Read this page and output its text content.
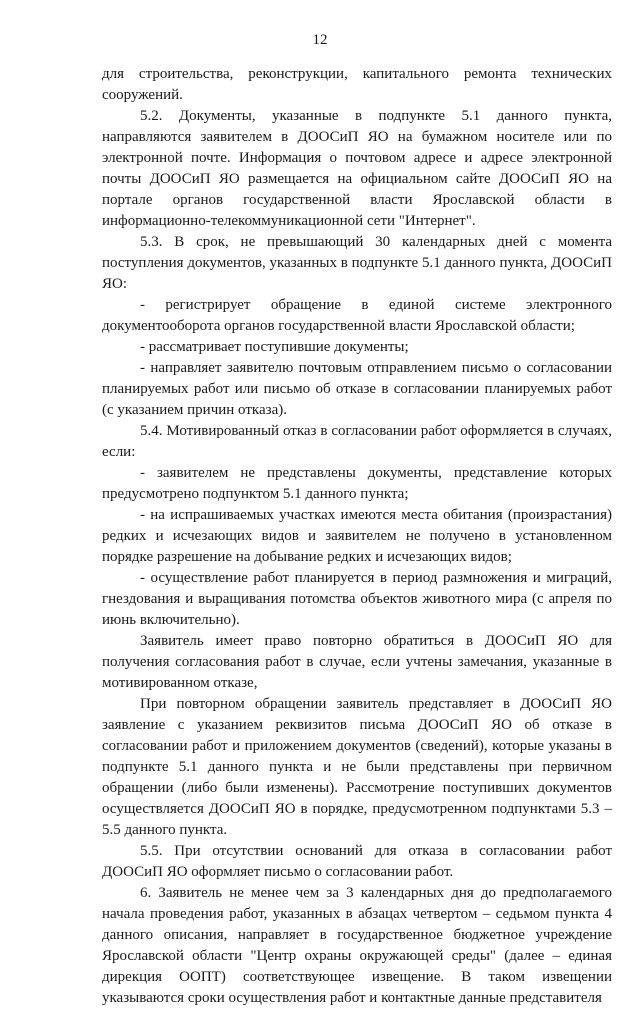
12

для строительства, реконструкции, капитального ремонта технических сооружений.

5.2. Документы, указанные в подпункте 5.1 данного пункта, направляются заявителем в ДООСиП ЯО на бумажном носителе или по электронной почте. Информация о почтовом адресе и адресе электронной почты ДООСиП ЯО размещается на официальном сайте ДООСиП ЯО на портале органов государственной власти Ярославской области в информационно-телекоммуникационной сети "Интернет".

5.3. В срок, не превышающий 30 календарных дней с момента поступления документов, указанных в подпункте 5.1 данного пункта, ДООСиП ЯО:

- регистрирует обращение в единой системе электронного документооборота органов государственной власти Ярославской области;

- рассматривает поступившие документы;

- направляет заявителю почтовым отправлением письмо о согласовании планируемых работ или письмо об отказе в согласовании планируемых работ (с указанием причин отказа).

5.4. Мотивированный отказ в согласовании работ оформляется в случаях, если:

- заявителем не представлены документы, представление которых предусмотрено подпунктом 5.1 данного пункта;

- на испрашиваемых участках имеются места обитания (произрастания) редких и исчезающих видов и заявителем не получено в установленном порядке разрешение на добывание редких и исчезающих видов;

- осуществление работ планируется в период размножения и миграций, гнездования и выращивания потомства объектов животного мира (с апреля по июнь включительно).

Заявитель имеет право повторно обратиться в ДООСиП ЯО для получения согласования работ в случае, если учтены замечания, указанные в мотивированном отказе,

При повторном обращении заявитель представляет в ДООСиП ЯО заявление с указанием реквизитов письма ДООСиП ЯО об отказе в согласовании работ и приложением документов (сведений), которые указаны в подпункте 5.1 данного пункта и не были представлены при первичном обращении (либо были изменены). Рассмотрение поступивших документов осуществляется ДООСиП ЯО в порядке, предусмотренном подпунктами 5.3 – 5.5 данного пункта.

5.5. При отсутствии оснований для отказа в согласовании работ ДООСиП ЯО оформляет письмо о согласовании работ.

6. Заявитель не менее чем за 3 календарных дня до предполагаемого начала проведения работ, указанных в абзацах четвертом – седьмом пункта 4 данного описания, направляет в государственное бюджетное учреждение Ярославской области "Центр охраны окружающей среды" (далее – единая дирекция ООПТ) соответствующее извещение. В таком извещении указываются сроки осуществления работ и контактные данные представителя
